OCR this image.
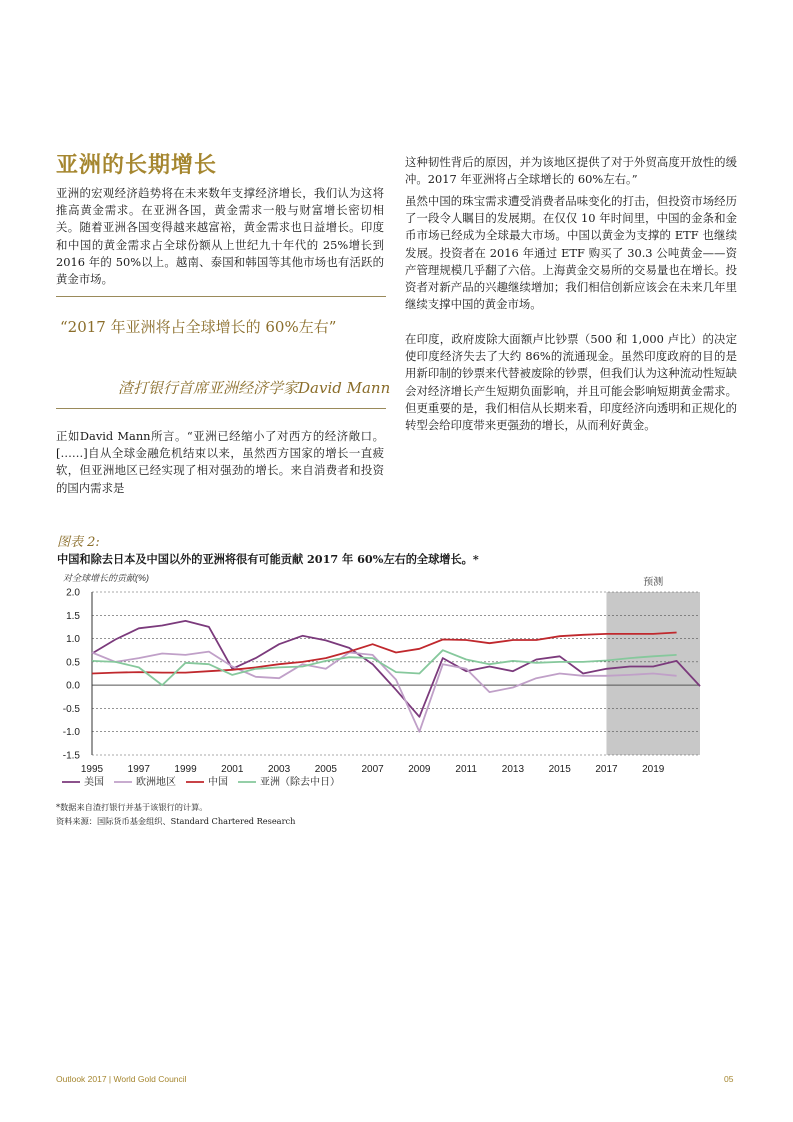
亚洲的长期增长
亚洲的宏观经济趋势将在未来数年支撑经济增长，我们认为这将推高黄金需求。在亚洲各国，黄金需求一般与财富增长密切相关。随着亚洲各国变得越来越富裕，黄金需求也日益增长。印度和中国的黄金需求占全球份额从上世纪九十年代的 25%增长到 2016 年的 50%以上。越南、泰国和韩国等其他市场也有活跃的黄金市场。
“2017 年亚洲将占全球增长的 60%左右”
渣打银行首席亚洲经济学家David Mann
正如David Mann所言。“亚洲已经缩小了对西方的经济敞口。[……]自从全球金融危机结束以来，虽然西方国家的增长一直疲软，但亚洲地区已经实现了相对强劲的增长。来自消费者和投资的国内需求是
这种韧性背后的原因，并为该地区提供了对于外贸高度开放性的缓冲。2017 年亚洲将占全球增长的 60%左右。”
虽然中国的珠宝需求遭受消费者品味变化的打击，但投资市场经历了一段令人瞩目的发展期。在仅仅 10 年时间里，中国的金条和金币市场已经成为全球最大市场。中国以黄金为支撑的 ETF 也继续发展。投资者在 2016 年通过 ETF 购买了 30.3 公吨黄金——资产管理规模几乎翻了六倍。上海黄金交易所的交易量也在增长。投资者对新产品的兴趣继续增加；我们相信创新应该会在未来几年里继续支撑中国的黄金市场。
在印度，政府废除大面额卢比钞票（500 和 1,000 卢比）的决定使印度经济失去了大约 86%的流通现金。虽然印度政府的目的是用新印制的钞票来代替被废除的钞票，但我们认为这种流动性短缺会对经济增长产生短期负面影响，并且可能会影响短期黄金需求。但更重要的是，我们相信从长期来看，印度经济向透明和正规化的转型会给印度带来更强劲的增长，从而利好黄金。
图表 2:
中国和除去日本及中国以外的亚洲将很有可能贡献 2017 年 60%左右的全球增长。*
预测
对全球增长的贡献(%)
2.0
1.5
1.0
0.5
0.0
-0.5
-1.0
-1.5
1995 1997 1999 2001 2003 2005 2007 2009 2011 2013 2015 2017 2019
美国	欧洲地区	中国	亚洲（除去中日）
*数据来自渣打银行并基于该银行的计算。
资料来源：国际货币基金组织、Standard Chartered Research
Outlook 2017 | World Gold Council	05
